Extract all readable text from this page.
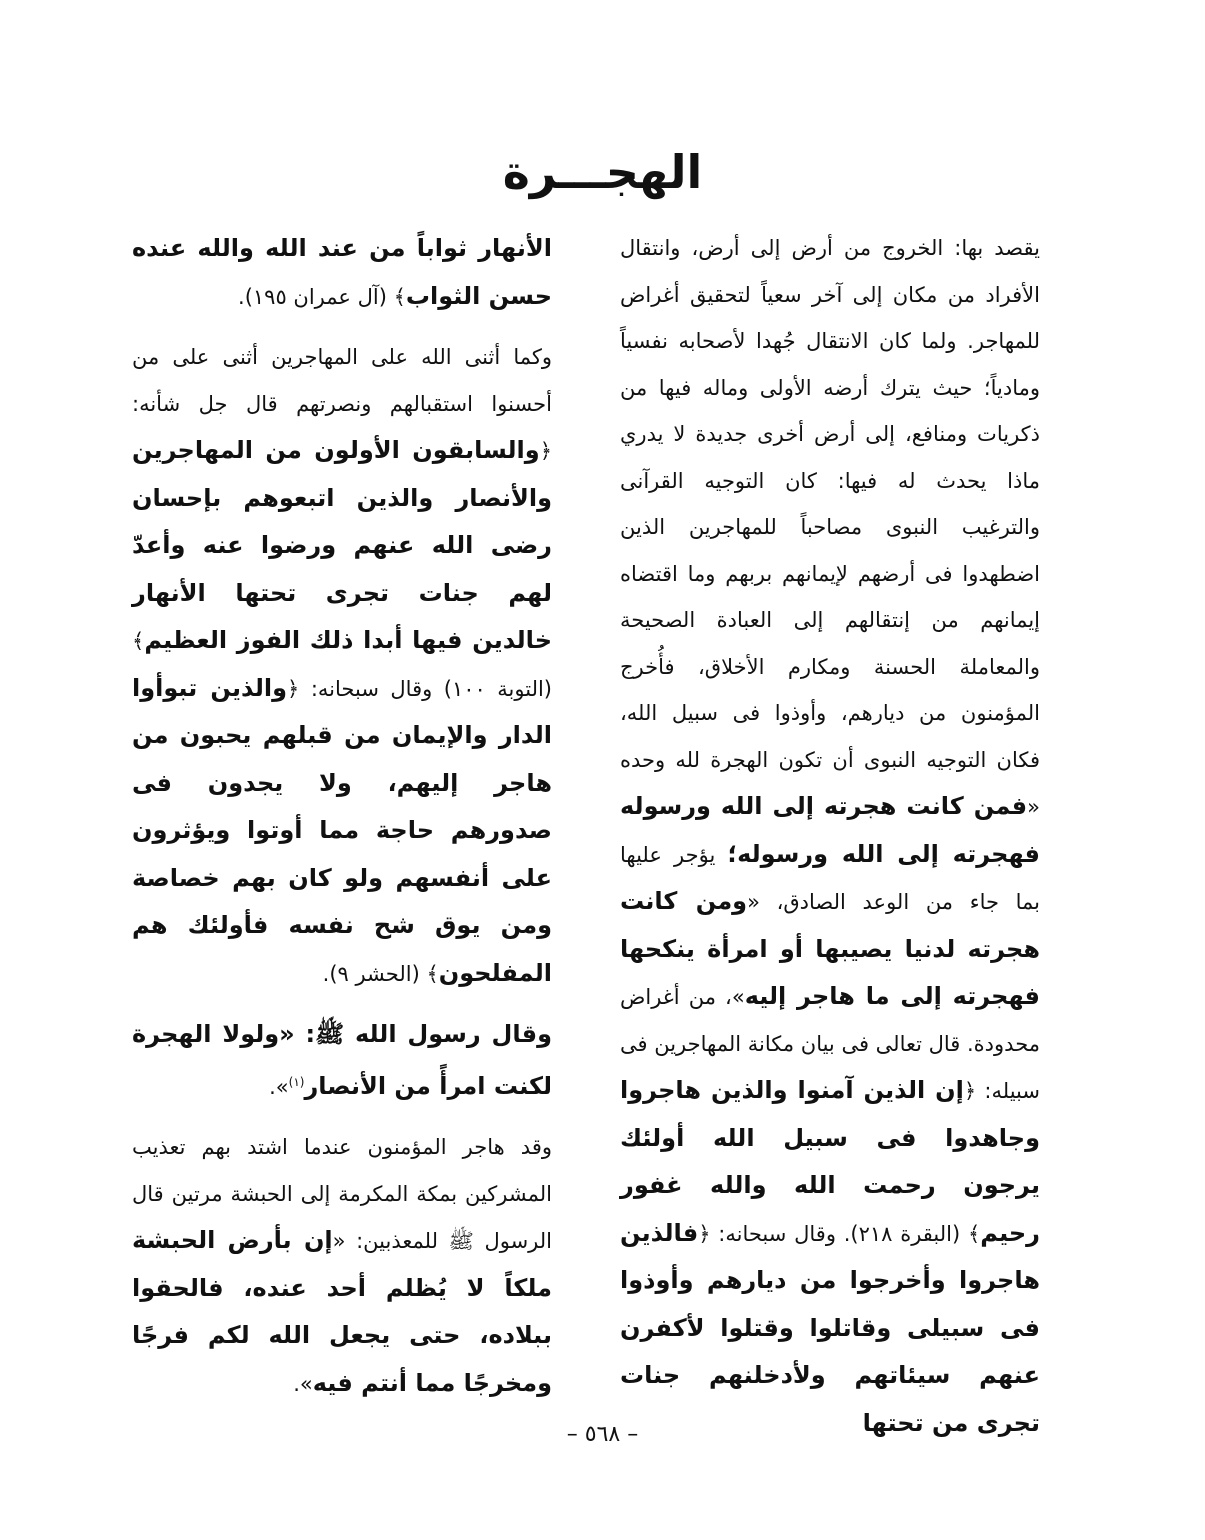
الهجـــرة

يقصد بها: الخروج من أرض إلى أرض، وانتقال الأفراد من مكان إلى آخر سعياً لتحقيق أغراض للمهاجر. ولما كان الانتقال جُهدا لأصحابه نفسياً ومادياً؛ حيث يترك أرضه الأولى وماله فيها من ذكريات ومنافع، إلى أرض أخرى جديدة لا يدري ماذا يحدث له فيها: كان التوجيه القرآنى والترغيب النبوى مصاحباً للمهاجرين الذين اضطهدوا فى أرضهم لإيمانهم بربهم وما اقتضاه إيمانهم من إنتقالهم إلى العبادة الصحيحة والمعاملة الحسنة ومكارم الأخلاق، فأُخرج المؤمنون من ديارهم، وأوذوا فى سبيل الله، فكان التوجيه النبوى أن تكون الهجرة لله وحده «فمن كانت هجرته إلى الله ورسوله فهجرته إلى الله ورسوله؛ يؤجر عليها بما جاء من الوعد الصادق، «ومن كانت هجرته لدنيا يصيبها أو امرأة ينكحها فهجرته إلى ما هاجر إليه»، من أغراض محدودة. قال تعالى فى بيان مكانة المهاجرين فى سبيله: ﴿إن الذين آمنوا والذين هاجروا وجاهدوا فى سبيل الله أولئك يرجون رحمت الله والله غفور رحيم﴾ (البقرة ٢١٨). وقال سبحانه: ﴿فالذين هاجروا وأخرجوا من ديارهم وأوذوا فى سبيلى وقاتلوا وقتلوا لأكفرن عنهم سيئاتهم ولأدخلنهم جنات تجرى من تحتها

الأنهار ثواباً من عند الله والله عنده حسن الثواب﴾ (آل عمران ١٩٥).

وكما أثنى الله على المهاجرين أثنى على من أحسنوا استقبالهم ونصرتهم قال جل شأنه: ﴿والسابقون الأولون من المهاجرين والأنصار والذين اتبعوهم بإحسان رضى الله عنهم ورضوا عنه وأعدّ لهم جنات تجرى تحتها الأنهار خالدين فيها أبدا ذلك الفوز العظيم﴾ (التوبة ١٠٠) وقال سبحانه: ﴿والذين تبوأوا الدار والإيمان من قبلهم يحبون من هاجر إليهم، ولا يجدون فى صدورهم حاجة مما أوتوا ويؤثرون على أنفسهم ولو كان بهم خصاصة ومن يوق شح نفسه فأولئك هم المفلحون﴾ (الحشر ٩).

وقال رسول الله ﷺ: «ولولا الهجرة لكنت امرأً من الأنصار$^{(١)}$».

وقد هاجر المؤمنون عندما اشتد بهم تعذيب المشركين بمكة المكرمة إلى الحبشة مرتين قال الرسول ﷺ للمعذبين: «إن بأرض الحبشة ملكاً لا يُظلم أحد عنده، فالحقوا ببلاده، حتى يجعل الله لكم فرجًا ومخرجًا مما أنتم فيه».

– ٥٦٨ –
